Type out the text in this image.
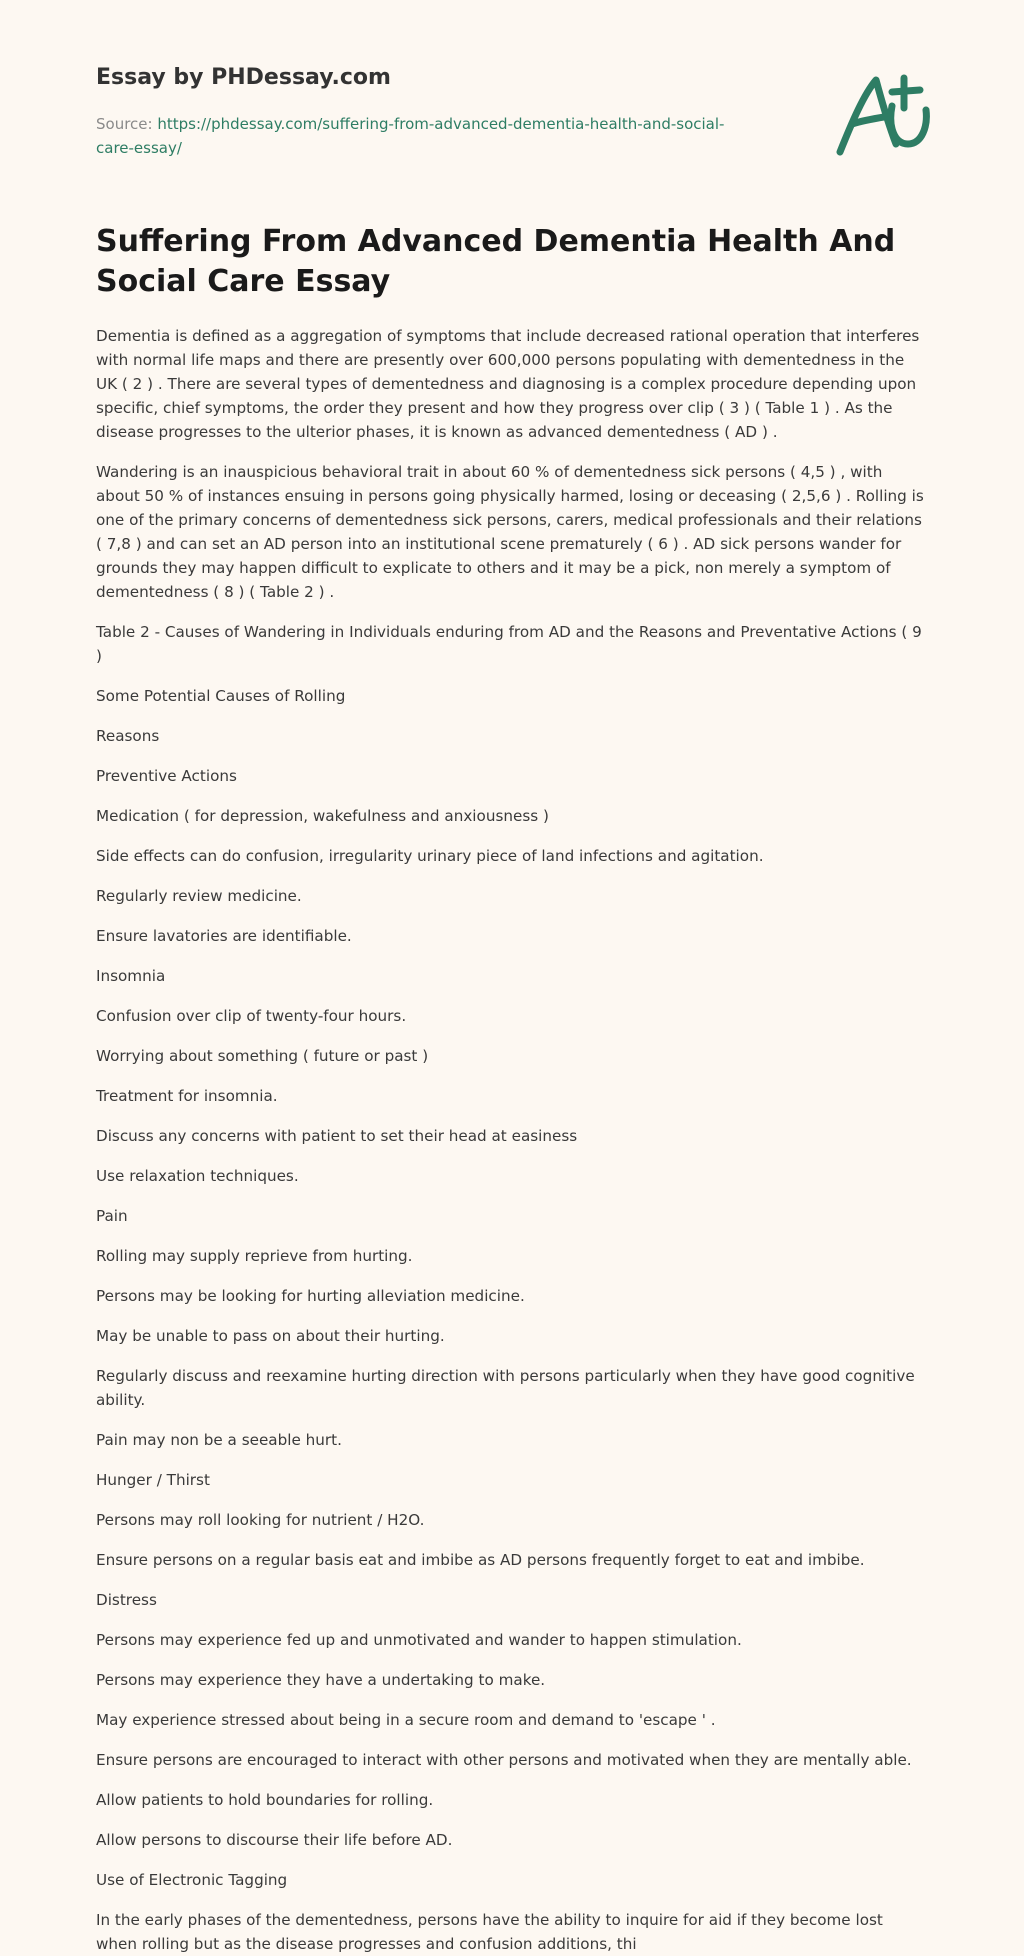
Essay by PHDessay.com
Source: https://phdessay.com/suffering-from-advanced-dementia-health-and-social-care-essay/
Suffering From Advanced Dementia Health And Social Care Essay

Dementia is defined as a aggregation of symptoms that include decreased rational operation that interferes with normal life maps and there are presently over 600,000 persons populating with dementedness in the UK ( 2 ) . There are several types of dementedness and diagnosing is a complex procedure depending upon specific, chief symptoms, the order they present and how they progress over clip ( 3 ) ( Table 1 ) . As the disease progresses to the ulterior phases, it is known as advanced dementedness ( AD ) .

Wandering is an inauspicious behavioral trait in about 60 % of dementedness sick persons ( 4,5 ) , with about 50 % of instances ensuing in persons going physically harmed, losing or deceasing ( 2,5,6 ) . Rolling is one of the primary concerns of dementedness sick persons, carers, medical professionals and their relations ( 7,8 ) and can set an AD person into an institutional scene prematurely ( 6 ) . AD sick persons wander for grounds they may happen difficult to explicate to others and it may be a pick, non merely a symptom of dementedness ( 8 ) ( Table 2 ) .

Table 2 - Causes of Wandering in Individuals enduring from AD and the Reasons and Preventative Actions ( 9 )

Some Potential Causes of Rolling

Reasons

Preventive Actions

Medication ( for depression, wakefulness and anxiousness )

Side effects can do confusion, irregularity urinary piece of land infections and agitation.

Regularly review medicine.

Ensure lavatories are identifiable.

Insomnia

Confusion over clip of twenty-four hours.

Worrying about something ( future or past )

Treatment for insomnia.

Discuss any concerns with patient to set their head at easiness

Use relaxation techniques.

Pain

Rolling may supply reprieve from hurting.

Persons may be looking for hurting alleviation medicine.

May be unable to pass on about their hurting.

Regularly discuss and reexamine hurting direction with persons particularly when they have good cognitive ability.

Pain may non be a seeable hurt.

Hunger / Thirst

Persons may roll looking for nutrient / H2O.

Ensure persons on a regular basis eat and imbibe as AD persons frequently forget to eat and imbibe.

Distress

Persons may experience fed up and unmotivated and wander to happen stimulation.

Persons may experience they have a undertaking to make.

May experience stressed about being in a secure room and demand to 'escape ' .

Ensure persons are encouraged to interact with other persons and motivated when they are mentally able.

Allow patients to hold boundaries for rolling.

Allow persons to discourse their life before AD.

Use of Electronic Tagging

In the early phases of the dementedness, persons have the ability to inquire for aid if they become lost when rolling but as the disease progresses and confusion additions, thi
